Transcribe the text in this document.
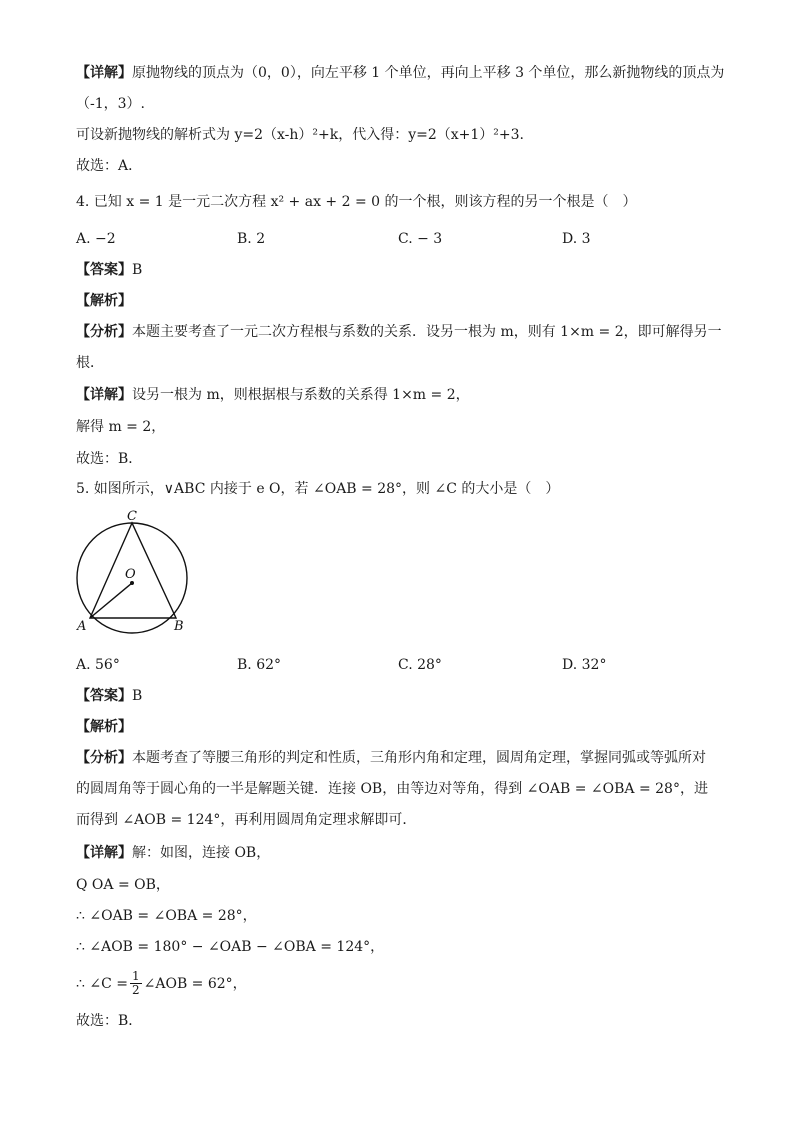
【详解】原抛物线的顶点为（0，0），向左平移 1 个单位，再向上平移 3 个单位，那么新抛物线的顶点为
（-1，3）.
可设新抛物线的解析式为 y=2（x-h）²+k，代入得：y=2（x+1）²+3.
故选：A．
4. 已知 x = 1 是一元二次方程 x² + ax + 2 = 0 的一个根，则该方程的另一个根是（　）
A. −2	B. 2	C. − 3	D. 3
【答案】B
【解析】
【分析】本题主要考查了一元二次方程根与系数的关系．设另一根为 m，则有 1×m = 2，即可解得另一
根．
【详解】设另一根为 m，则根据根与系数的关系得 1×m = 2，
解得 m = 2，
故选：B．
5. 如图所示，∨ABC 内接于 e O，若 ∠OAB = 28°，则 ∠C 的大小是（　）
C
O
A	B
A. 56°	B. 62°	C. 28°	D. 32°
【答案】B
【解析】
【分析】本题考查了等腰三角形的判定和性质，三角形内角和定理，圆周角定理，掌握同弧或等弧所对的圆周角等于圆心角的一半是解题关键．连接 OB，由等边对等角，得到 ∠OAB = ∠OBA = 28°，进而得到 ∠AOB = 124°，再利用圆周角定理求解即可．
【详解】解：如图，连接 OB，
Q OA = OB，
∴ ∠OAB = ∠OBA = 28°，
∴ ∠AOB = 180° − ∠OAB − ∠OBA = 124°，
∴ ∠C = $\frac{1}{2}$ ∠AOB = 62°，
故选：B．
